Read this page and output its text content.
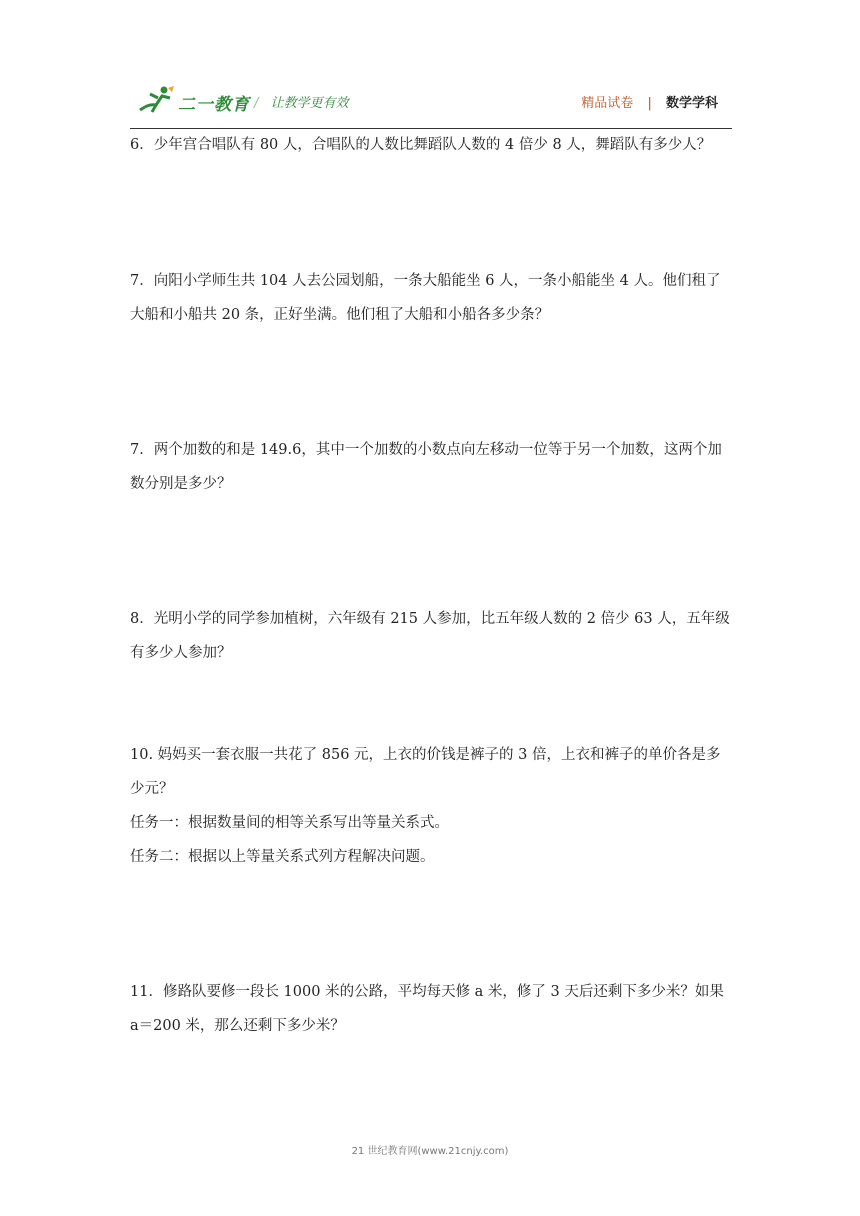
二一教育 / 让教学更有效	精品试卷 | 数学学科

6．少年宫合唱队有 80 人，合唱队的人数比舞蹈队人数的 4 倍少 8 人，舞蹈队有多少人？

7．向阳小学师生共 104 人去公园划船，一条大船能坐 6 人，一条小船能坐 4 人。他们租了

大船和小船共 20 条，正好坐满。他们租了大船和小船各多少条？

7．两个加数的和是 149.6，其中一个加数的小数点向左移动一位等于另一个加数，这两个加

数分别是多少？

8．光明小学的同学参加植树，六年级有 215 人参加，比五年级人数的 2 倍少 63 人，五年级

有多少人参加？

10. 妈妈买一套衣服一共花了 856 元，上衣的价钱是裤子的 3 倍，上衣和裤子的单价各是多

少元？

任务一：根据数量间的相等关系写出等量关系式。

任务二：根据以上等量关系式列方程解决问题。

11．修路队要修一段长 1000 米的公路，平均每天修 a 米，修了 3 天后还剩下多少米？如果

a＝200 米，那么还剩下多少米？

21 世纪教育网(www.21cnjy.com)
